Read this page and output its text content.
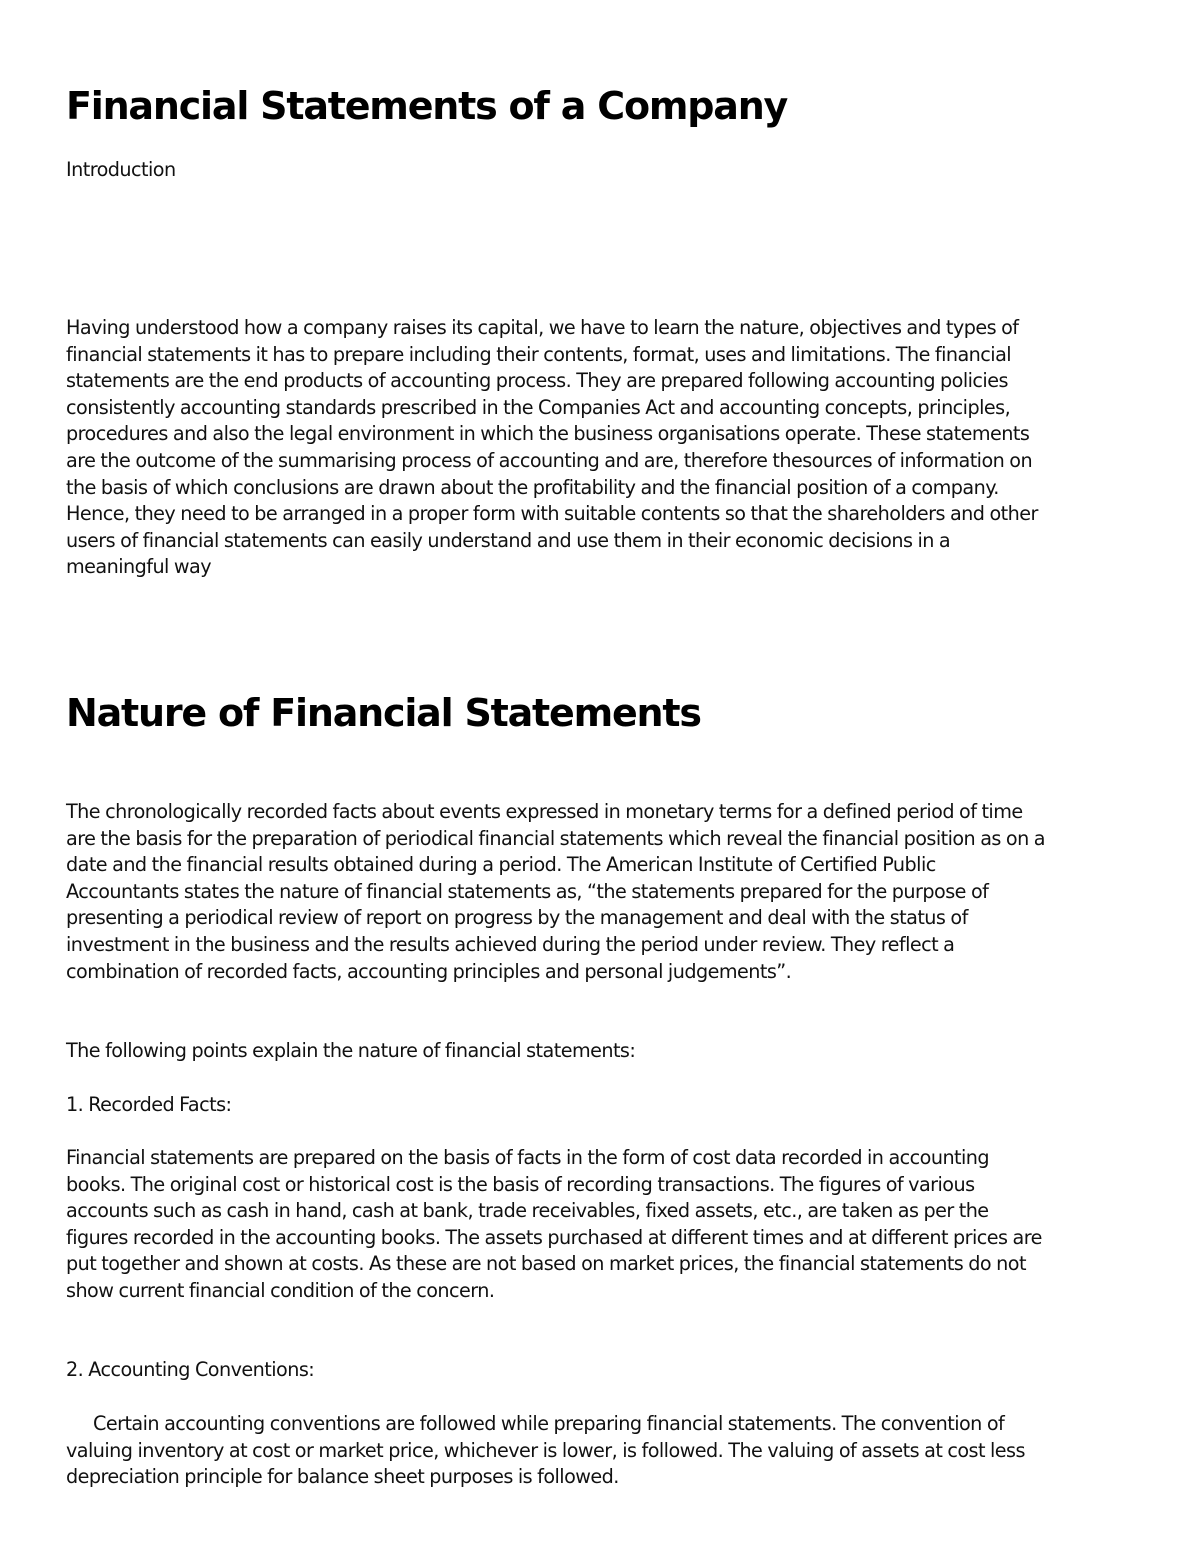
Financial Statements of a Company

Introduction

Having understood how a company raises its capital, we have to learn the nature, objectives and types of financial statements it has to prepare including their contents, format, uses and limitations. The financial statements are the end products of accounting process. They are prepared following accounting policies consistently accounting standards prescribed in the Companies Act and accounting concepts, principles, procedures and also the legal environment in which the business organisations operate. These statements are the outcome of the summarising process of accounting and are, therefore thesources of information on the basis of which conclusions are drawn about the profitability and the financial position of a company. Hence, they need to be arranged in a proper form with suitable contents so that the shareholders and other users of financial statements can easily understand and use them in their economic decisions in a meaningful way

Nature of Financial Statements

The chronologically recorded facts about events expressed in monetary terms for a defined period of time are the basis for the preparation of periodical financial statements which reveal the financial position as on a date and the financial results obtained during a period. The American Institute of Certified Public Accountants states the nature of financial statements as, “the statements prepared for the purpose of presenting a periodical review of report on progress by the management and deal with the status of investment in the business and the results achieved during the period under review. They reflect a combination of recorded facts, accounting principles and personal judgements”.

The following points explain the nature of financial statements:

1. Recorded Facts:

Financial statements are prepared on the basis of facts in the form of cost data recorded in accounting books. The original cost or historical cost is the basis of recording transactions. The figures of various accounts such as cash in hand, cash at bank, trade receivables, fixed assets, etc., are taken as per the figures recorded in the accounting books. The assets purchased at different times and at different prices are put together and shown at costs. As these are not based on market prices, the financial statements do not show current financial condition of the concern.

2. Accounting Conventions:

Certain accounting conventions are followed while preparing financial statements. The convention of valuing inventory at cost or market price, whichever is lower, is followed. The valuing of assets at cost less depreciation principle for balance sheet purposes is followed.
